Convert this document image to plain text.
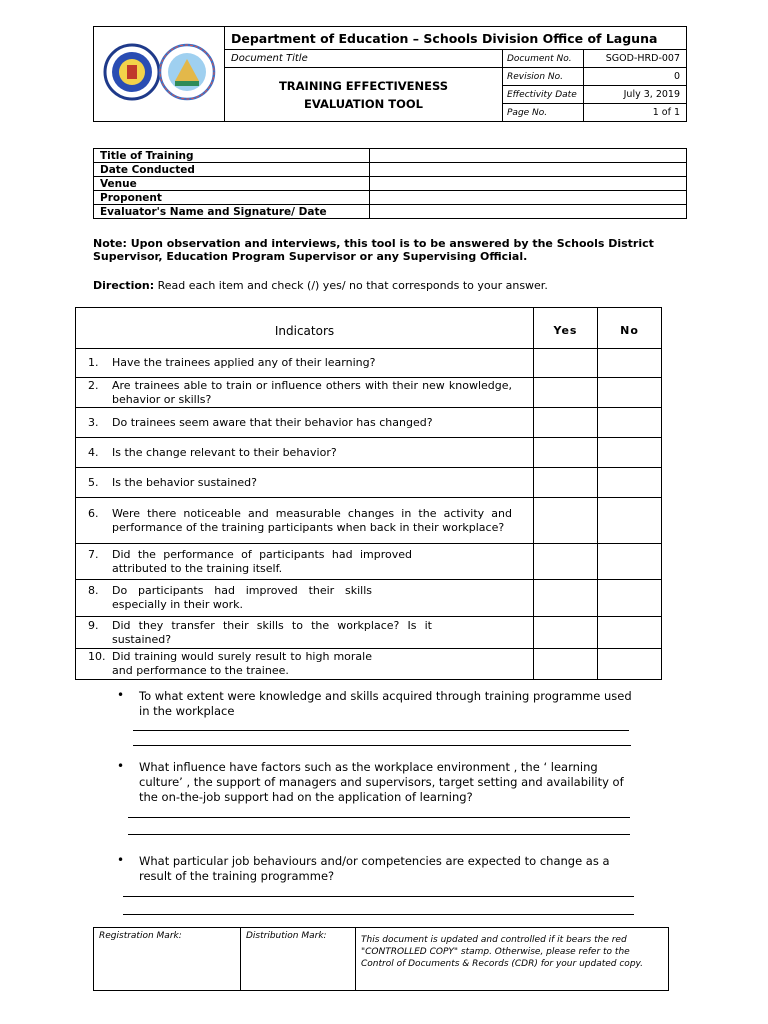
	Department of Education – Schools Division Office of Laguna		
	Document Title	Document No.	SGOD-HRD-007

	TRAINING EFFECTIVENESS
EVALUATION TOOL	Revision No.	0
		Effectivity Date	July 3, 2019
		Page No.	1 of 1
Title of Training	
Date Conducted	
Venue	
Proponent	
Evaluator's Name and Signature/ Date	
Note: Upon observation and interviews, this tool is to be answered by the Schools District Supervisor, Education Program Supervisor or any Supervising Official.
Direction: Read each item and check (/) yes/ no that corresponds to your answer.
Indicators	Yes	No
1. Have the trainees applied any of their learning?		
2. Are trainees able to train or influence others with their new knowledge, behavior or skills?		
3. Do trainees seem aware that their behavior has changed?		
4. Is the change relevant to their behavior?		
5. Is the behavior sustained?		
6. Were there noticeable and measurable changes in the activity and performance of the training participants when back in their workplace?		
7. Did the performance of participants had improved attributed to the training itself.		
8. Do participants had improved their skills especially in their work.		
9. Did they transfer their skills to the workplace? Is it sustained?		
10. Did training would surely result to high morale and performance to the trainee.		
• To what extent were knowledge and skills acquired through training programme used in the workplace
• What influence have factors such as the workplace environment , the ‘ learning culture’ , the support of managers and supervisors, target setting and availability of the on-the-job support had on the application of learning?
• What particular job behaviours and/or competencies are expected to change as a result of the training programme?
Registration Mark:	Distribution Mark:	This document is updated and controlled if it bears the red "CONTROLLED COPY" stamp. Otherwise, please refer to the Control of Documents & Records (CDR) for your updated copy.
